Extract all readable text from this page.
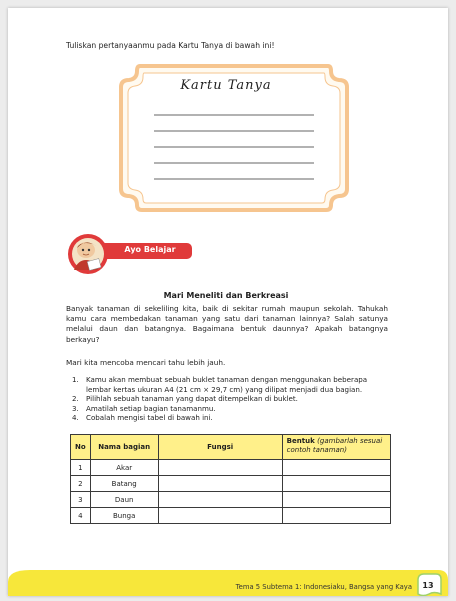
Tuliskan pertanyaanmu pada Kartu Tanya di bawah ini!
Kartu Tanya
Ayo Belajar
Mari Meneliti dan Berkreasi
Banyak tanaman di sekeliling kita, baik di sekitar rumah maupun sekolah. Tahukah kamu cara membedakan tanaman yang satu dari tanaman lainnya? Salah satunya melalui daun dan batangnya. Bagaimana bentuk daunnya? Apakah batangnya berkayu?
Mari kita mencoba mencari tahu lebih jauh.
1. Kamu akan membuat sebuah buklet tanaman dengan menggunakan beberapa lembar kertas ukuran A4 (21 cm × 29,7 cm) yang dilipat menjadi dua bagian.
2. Pilihlah sebuah tanaman yang dapat ditempelkan di buklet.
3. Amatilah setiap bagian tanamanmu.
4. Cobalah mengisi tabel di bawah ini.
No	Nama bagian	Fungsi	Bentuk (gambarlah sesuai contoh tanaman)
1	Akar		
2	Batang		
3	Daun		
4	Bunga		
Tema 5 Subtema 1: Indonesiaku, Bangsa yang Kaya	13
